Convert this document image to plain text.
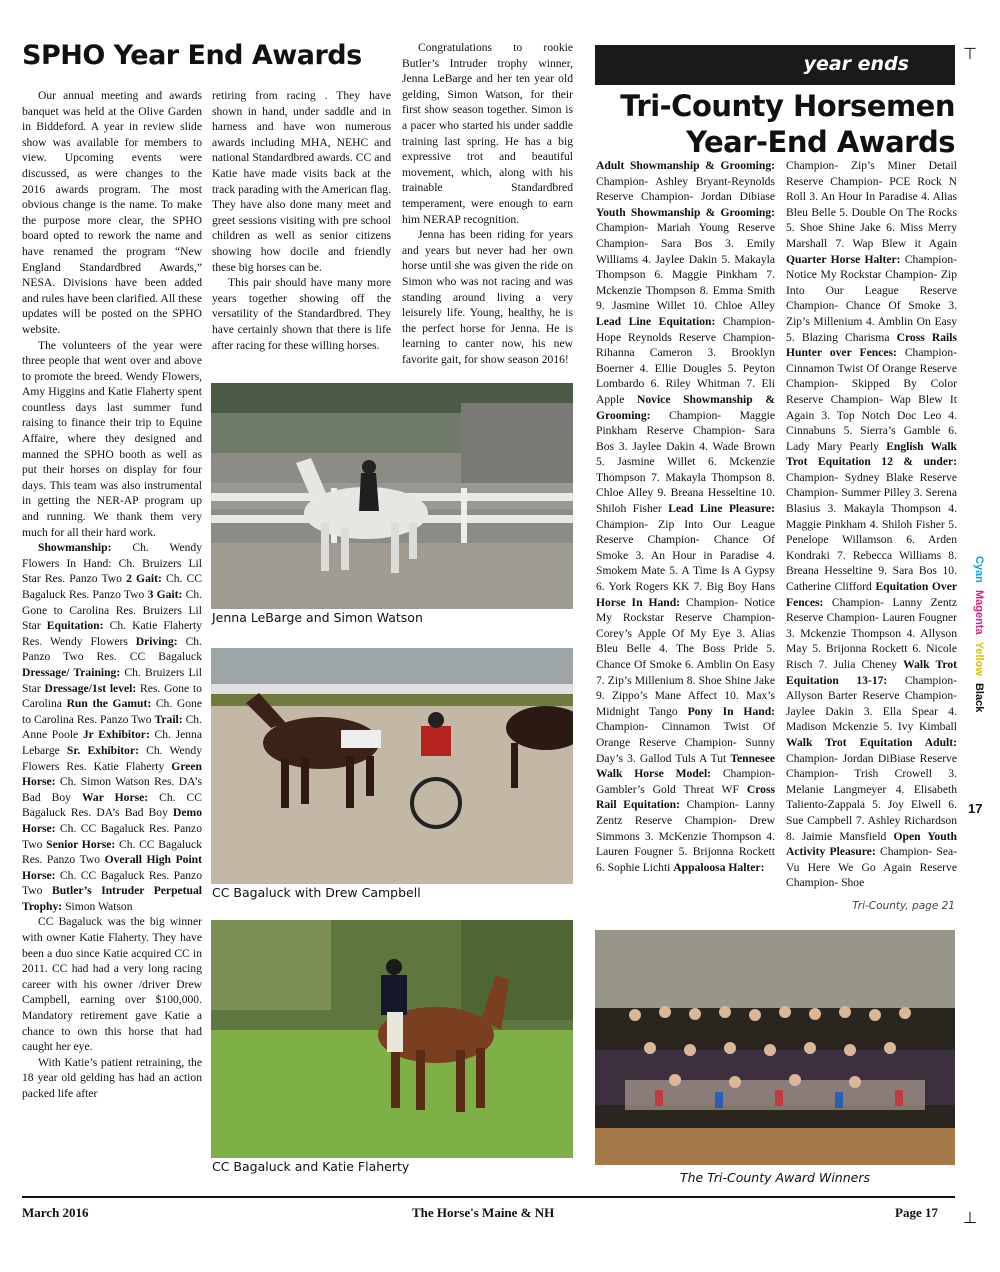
SPHO Year End Awards

Our annual meeting and awards banquet was held at the Olive Garden in Biddeford. A year in review slide show was available for members to view. Upcoming events were discussed, as were changes to the 2016 awards program. The most obvious change is the name. To make the purpose more clear, the SPHO board opted to rework the name and have renamed the program “New England Standardbred Awards,” NESA. Divisions have been added and rules have been clarified. All these updates will be posted on the SPHO website.

The volunteers of the year were three people that went over and above to promote the breed. Wendy Flowers, Amy Higgins and Katie Flaherty spent countless days last summer fund raising to finance their trip to Equine Affaire, where they designed and manned the SPHO booth as well as put their horses on display for four days. This team was also instrumental in getting the NER-AP program up and running. We thank them very much for all their hard work.

Showmanship: Ch. Wendy Flowers In Hand: Ch. Bruizers Lil Star Res. Panzo Two 2 Gait: Ch. CC Bagaluck Res. Panzo Two 3 Gait: Ch. Gone to Carolina Res. Bruizers Lil Star Equitation: Ch. Katie Flaherty Res. Wendy Flowers Driving: Ch. Panzo Two Res. CC Bagaluck Dressage/ Training: Ch. Bruizers Lil Star Dressage/1st level: Res. Gone to Carolina Run the Gamut: Ch. Gone to Carolina Res. Panzo Two Trail: Ch. Anne Poole Jr Exhibitor: Ch. Jenna Lebarge Sr. Exhibitor: Ch. Wendy Flowers Res. Katie Flaherty Green Horse: Ch. Simon Watson Res. DA’s Bad Boy War Horse: Ch. CC Bagaluck Res. DA’s Bad Boy Demo Horse: Ch. CC Bagaluck Res. Panzo Two Senior Horse: Ch. CC Bagaluck Res. Panzo Two Overall High Point Horse: Ch. CC Bagaluck Res. Panzo Two Butler’s Intruder Perpetual Trophy: Simon Watson

CC Bagaluck was the big winner with owner Katie Flaherty. They have been a duo since Katie acquired CC in 2011. CC had had a very long racing career with his owner /driver Drew Campbell, earning over $100,000. Mandatory retirement gave Katie a chance to own this horse that had caught her eye.

With Katie’s patient retraining, the 18 year old gelding has had an action packed life after

retiring from racing . They have shown in hand, under saddle and in harness and have won numerous awards including MHA, NEHC and national Standardbred awards. CC and Katie have made visits back at the track parading with the American flag. They have also done many meet and greet sessions visiting with pre school children as well as senior citizens showing how docile and friendly these big horses can be.

This pair should have many more years together showing off the versatility of the Standardbred. They have certainly shown that there is life after racing for these willing horses.

Congratulations to rookie Butler’s Intruder trophy winner, Jenna LeBarge and her ten year old gelding, Simon Watson, for their first show season together. Simon is a pacer who started his under saddle training last spring. He has a big expressive trot and beautiful movement, which, along with his trainable Standardbred temperament, were enough to earn him NERAP recognition.

Jenna has been riding for years and years but never had her own horse until she was given the ride on Simon who was not racing and was standing around living a very leisurely life. Young, healthy, he is the perfect horse for Jenna. He is learning to canter now, his new favorite gait, for show season 2016!

Jenna LeBarge and Simon Watson
CC Bagaluck with Drew Campbell
CC Bagaluck and Katie Flaherty
year ends
Tri-County Horsemen
Year-End Awards

Adult Showmanship & Grooming: Champion- Ashley Bryant-Reynolds Reserve Champion- Jordan Dibiase Youth Showmanship & Grooming: Champion- Mariah Young Reserve Champion- Sara Bos 3. Emily Williams 4. Jaylee Dakin 5. Makayla Thompson 6. Maggie Pinkham 7. Mckenzie Thompson 8. Emma Smith 9. Jasmine Willet 10. Chloe Alley Lead Line Equitation: Champion- Hope Reynolds Reserve Champion- Rihanna Cameron 3. Brooklyn Boerner 4. Ellie Dougles 5. Peyton Lombardo 6. Riley Whitman 7. Eli Apple Novice Showmanship & Grooming: Champion- Maggie Pinkham Reserve Champion- Sara Bos 3. Jaylee Dakin 4. Wade Brown 5. Jasmine Willet 6. Mckenzie Thompson 7. Makayla Thompson 8. Chloe Alley 9. Breana Hesseltine 10. Shiloh Fisher Lead Line Pleasure: Champion- Zip Into Our League Reserve Champion- Chance Of Smoke 3. An Hour in Paradise 4. Smokem Mate 5. A Time Is A Gypsy 6. York Rogers KK 7. Big Boy Hans Horse In Hand: Champion- Notice My Rockstar Reserve Champion- Corey’s Apple Of My Eye 3. Alias Bleu Belle 4. The Boss Pride 5. Chance Of Smoke 6. Amblin On Easy 7. Zip’s Millenium 8. Shoe Shine Jake 9. Zippo’s Mane Affect 10. Max’s Midnight Tango Pony In Hand: Champion- Cinnamon Twist Of Orange Reserve Champion- Sunny Day’s 3. Gallod Tuls A Tut Tennesee Walk Horse Model: Champion- Gambler’s Gold Threat WF Cross Rail Equitation: Champion- Lanny Zentz Reserve Champion- Drew Simmons 3. McKenzie Thompson 4. Lauren Fougner 5. Brijonna Rockett 6. Sophie Lichti Appaloosa Halter:

Champion- Zip’s Miner Detail Reserve Champion- PCE Rock N Roll 3. An Hour In Paradise 4. Alias Bleu Belle 5. Double On The Rocks 5. Shoe Shine Jake 6. Miss Merry Marshall 7. Wap Blew it Again Quarter Horse Halter: Champion- Notice My Rockstar Champion- Zip Into Our League Reserve Champion- Chance Of Smoke 3. Zip’s Millenium 4. Amblin On Easy 5. Blazing Charisma Cross Rails Hunter over Fences: Champion- Cinnamon Twist Of Orange Reserve Champion- Skipped By Color Reserve Champion- Wap Blew It Again 3. Top Notch Doc Leo 4. Cinnabuns 5. Sierra’s Gamble 6. Lady Mary Pearly English Walk Trot Equitation 12 & under: Champion- Sydney Blake Reserve Champion- Summer Pilley 3. Serena Blasius 3. Makayla Thompson 4. Maggie Pinkham 4. Shiloh Fisher 5. Penelope Willamson 6. Arden Kondraki 7. Rebecca Williams 8. Breana Hesseltine 9. Sara Bos 10. Catherine Clifford Equitation Over Fences: Champion- Lanny Zentz Reserve Champion- Lauren Fougner 3. Mckenzie Thompson 4. Allyson May 5. Brijonna Rockett 6. Nicole Risch 7. Julia Cheney Walk Trot Equitation 13-17: Champion- Allyson Barter Reserve Champion- Jaylee Dakin 3. Ella Spear 4. Madison Mckenzie 5. Ivy Kimball Walk Trot Equitation Adult: Champion- Jordan DiBiase Reserve Champion- Trish Crowell 3. Melanie Langmeyer 4. Elisabeth Taliento-Zappala 5. Joy Elwell 6. Sue Campbell 7. Ashley Richardson 8. Jaimie Mansfield Open Youth Activity Pleasure: Champion- Sea-Vu Here We Go Again Reserve Champion- Shoe

Tri-County, page 21
The Tri-County Award Winners
⊤
⊥
Cyan Magenta Yellow Black
17
March 2016	The Horse's Maine & NH	Page 17
